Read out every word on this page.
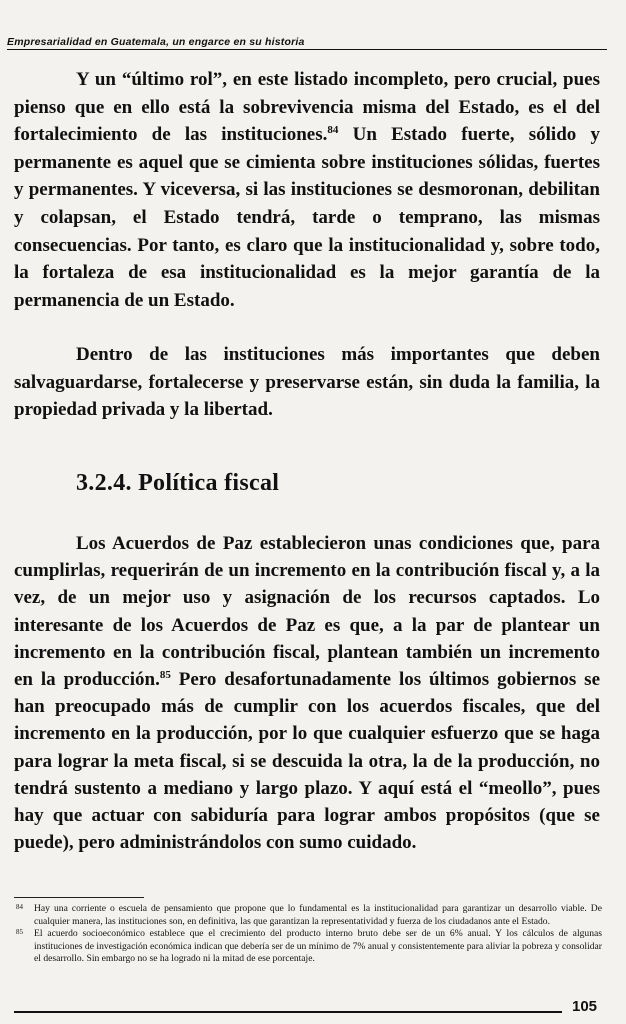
Empresarialidad en Guatemala, un engarce en su historia

Y un “último rol”, en este listado incompleto, pero crucial, pues pienso que en ello está la sobrevivencia misma del Estado, es el del fortalecimiento de las instituciones.$^{84}$ Un Estado fuerte, sólido y permanente es aquel que se cimienta sobre instituciones sólidas, fuertes y permanentes. Y viceversa, si las instituciones se desmoronan, debilitan y colapsan, el Estado tendrá, tarde o temprano, las mismas consecuencias. Por tanto, es claro que la institucionalidad y, sobre todo, la fortaleza de esa institucionalidad es la mejor garantía de la permanencia de un Estado.

Dentro de las instituciones más importantes que deben salvaguardarse, fortalecerse y preservarse están, sin duda la familia, la propiedad privada y la libertad.

3.2.4. Política fiscal

Los Acuerdos de Paz establecieron unas condiciones que, para cumplirlas, requerirán de un incremento en la contribución fiscal y, a la vez, de un mejor uso y asignación de los recursos captados. Lo interesante de los Acuerdos de Paz es que, a la par de plantear un incremento en la contribución fiscal, plantean también un incremento en la producción.$^{85}$ Pero desafortunadamente los últimos gobiernos se han preocupado más de cumplir con los acuerdos fiscales, que del incremento en la producción, por lo que cualquier esfuerzo que se haga para lograr la meta fiscal, si se descuida la otra, la de la producción, no tendrá sustento a mediano y largo plazo. Y aquí está el “meollo”, pues hay que actuar con sabiduría para lograr ambos propósitos (que se puede), pero administrándolos con sumo cuidado.

84 Hay una corriente o escuela de pensamiento que propone que lo fundamental es la institucionalidad para garantizar un desarrollo viable. De cualquier manera, las instituciones son, en definitiva, las que garantizan la representatividad y fuerza de los ciudadanos ante el Estado.
85 El acuerdo socioeconómico establece que el crecimiento del producto interno bruto debe ser de un 6% anual. Y los cálculos de algunas instituciones de investigación económica indican que debería ser de un mínimo de 7% anual y consistentemente para aliviar la pobreza y consolidar el desarrollo. Sin embargo no se ha logrado ni la mitad de ese porcentaje.
105
